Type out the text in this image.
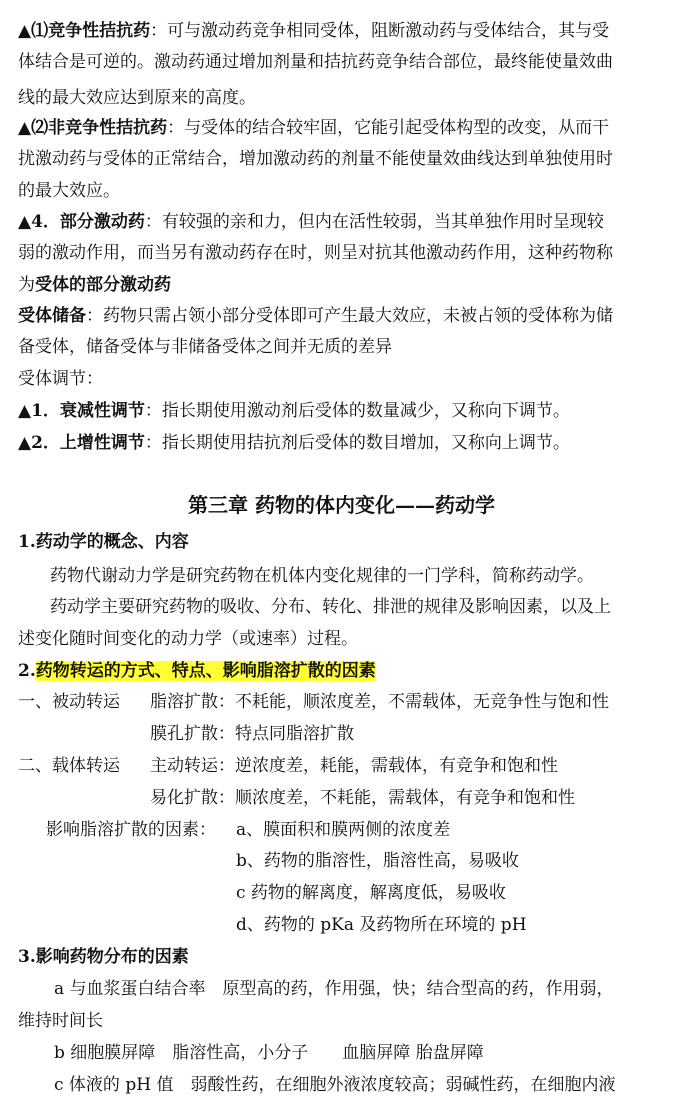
▲⑴竞争性拮抗药：可与激动药竞争相同受体，阻断激动药与受体结合，其与受
体结合是可逆的。激动药通过增加剂量和拮抗药竞争结合部位，最终能使量效曲
线的最大效应达到原来的高度。
▲⑵非竞争性拮抗药：与受体的结合较牢固，它能引起受体构型的改变，从而干
扰激动药与受体的正常结合，增加激动药的剂量不能使量效曲线达到单独使用时
的最大效应。
▲4．部分激动药：有较强的亲和力，但内在活性较弱，当其单独作用时呈现较
弱的激动作用，而当另有激动药存在时，则呈对抗其他激动药作用，这种药物称
为受体的部分激动药
受体储备：药物只需占领小部分受体即可产生最大效应，未被占领的受体称为储
备受体，储备受体与非储备受体之间并无质的差异
受体调节：
▲1．衰减性调节：指长期使用激动剂后受体的数量减少，又称向下调节。
▲2．上增性调节：指长期使用拮抗剂后受体的数目增加，又称向上调节。
第三章 药物的体内变化——药动学
1.药动学的概念、内容
药物代谢动力学是研究药物在机体内变化规律的一门学科，简称药动学。
药动学主要研究药物的吸收、分布、转化、排泄的规律及影响因素，以及上
述变化随时间变化的动力学（或速率）过程。
2.药物转运的方式、特点、影响脂溶扩散的因素
一、被动转运 脂溶扩散：不耗能，顺浓度差，不需载体，无竞争性与饱和性
膜孔扩散：特点同脂溶扩散
二、载体转运 主动转运：逆浓度差，耗能，需载体，有竞争和饱和性
易化扩散：顺浓度差，不耗能，需载体，有竞争和饱和性
影响脂溶扩散的因素： a、膜面积和膜两侧的浓度差
b、药物的脂溶性，脂溶性高，易吸收
c 药物的解离度，解离度低，易吸收
d、药物的 pKa 及药物所在环境的 pH
3.影响药物分布的因素
a 与血浆蛋白结合率　原型高的药，作用强，快；结合型高的药，作用弱，
维持时间长
b 细胞膜屏障　脂溶性高，小分子　　血脑屏障 胎盘屏障
c 体液的 pH 值　弱酸性药，在细胞外液浓度较高；弱碱性药，在细胞内液
